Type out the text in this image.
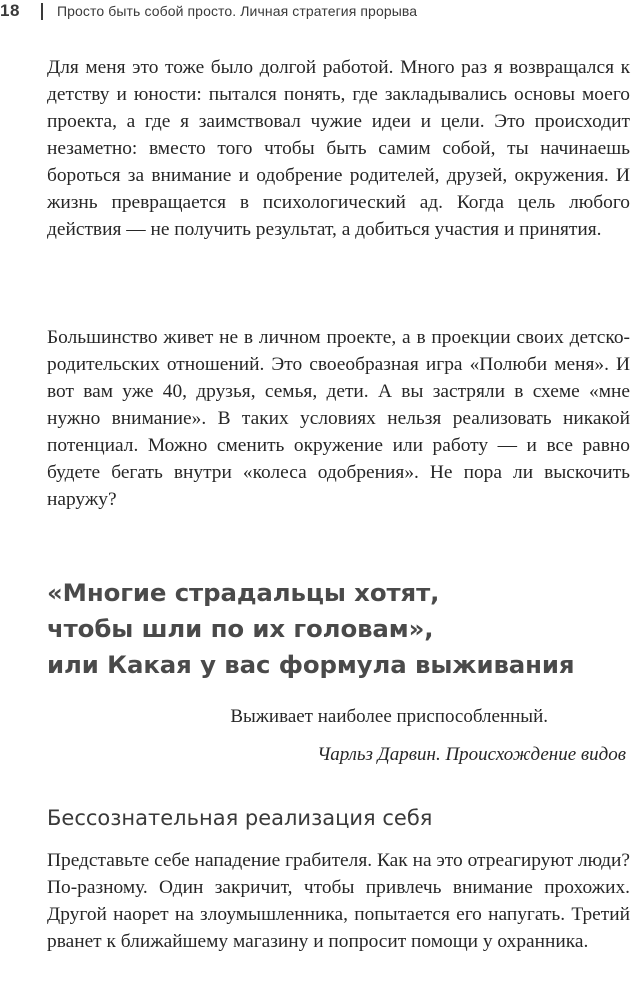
18	Просто быть собой просто. Личная стратегия прорыва

Для меня это тоже было долгой работой. Много раз я возвращался к детству и юности: пытался понять, где закладывались основы моего проекта, а где я заимствовал чужие идеи и цели. Это происходит незаметно: вместо того чтобы быть самим собой, ты начинаешь бороться за внимание и одобрение родителей, друзей, окружения. И жизнь превращается в психологический ад. Когда цель любого действия — не получить результат, а добиться участия и принятия.

Большинство живет не в личном проекте, а в проекции своих детско-родительских отношений. Это своеобразная игра «Полюби меня». И вот вам уже 40, друзья, семья, дети. А вы застряли в схеме «мне нужно внимание». В таких условиях нельзя реализовать никакой потенциал. Можно сменить окружение или работу — и все равно будете бегать внутри «колеса одобрения». Не пора ли выскочить наружу?

«Многие страдальцы хотят,
чтобы шли по их головам»,
или Какая у вас формула выживания
Выживает наиболее приспособленный.
Чарльз Дарвин. Происхождение видов
Бессознательная реализация себя

Представьте себе нападение грабителя. Как на это отреагируют люди? По-разному. Один закричит, чтобы привлечь внимание прохожих. Другой наорет на злоумышленника, попытается его напугать. Третий рванет к ближайшему магазину и попросит помощи у охранника.
